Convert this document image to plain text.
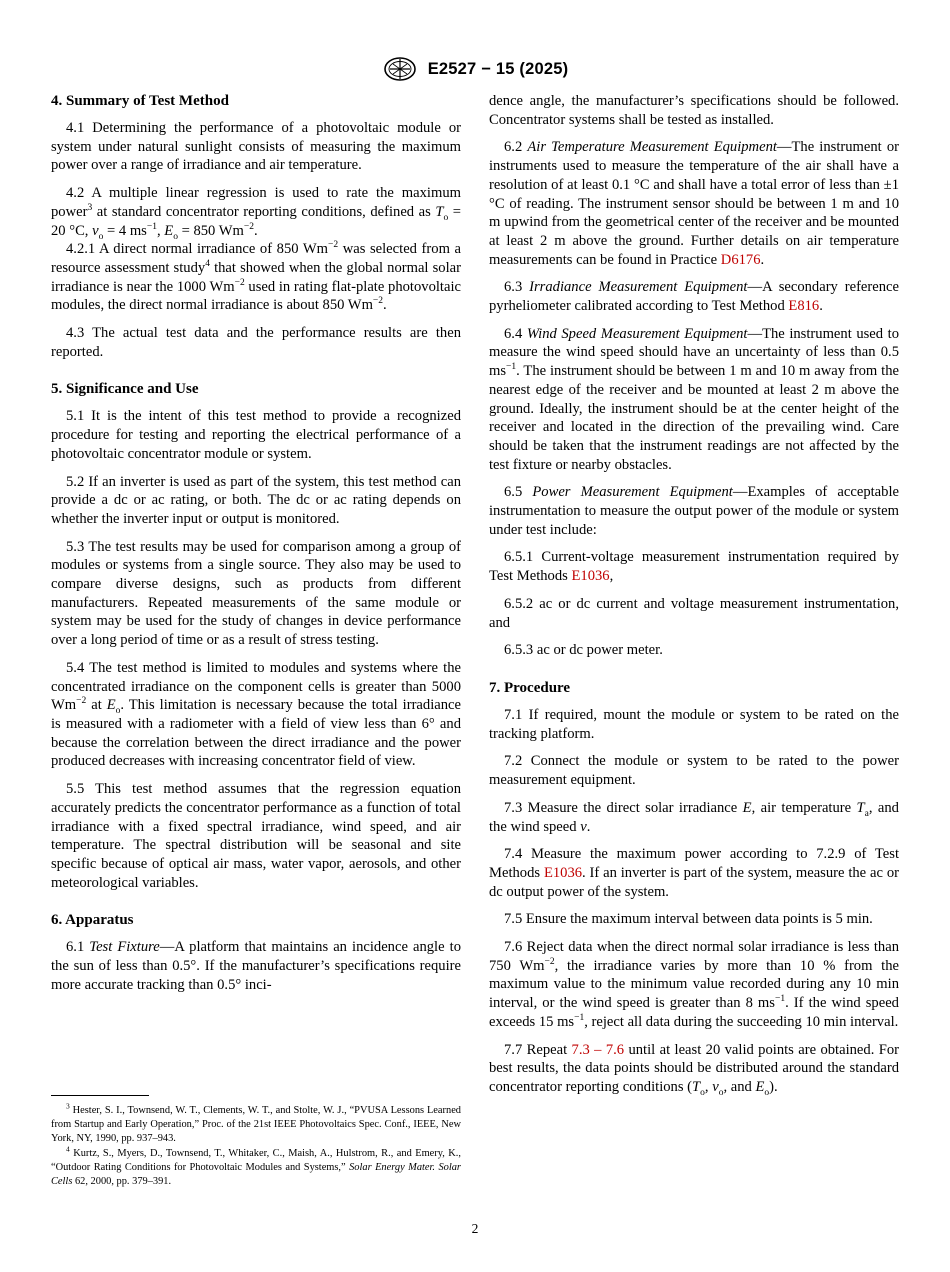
E2527 − 15 (2025)
4. Summary of Test Method
4.1 Determining the performance of a photovoltaic module or system under natural sunlight consists of measuring the maximum power over a range of irradiance and air temperature.
4.2 A multiple linear regression is used to rate the maximum power$^3$ at standard concentrator reporting conditions, defined as $T_o = 20$ °C, $v_o = 4$ $ms^{-1}$, $E_o = 850$ $Wm^{-2}$.
4.2.1 A direct normal irradiance of 850 $Wm^{-2}$ was selected from a resource assessment study$^4$ that showed when the global normal solar irradiance is near the 1000 $Wm^{-2}$ used in rating flat-plate photovoltaic modules, the direct normal irradiance is about 850 $Wm^{-2}$.
4.3 The actual test data and the performance results are then reported.
5. Significance and Use
5.1 It is the intent of this test method to provide a recognized procedure for testing and reporting the electrical performance of a photovoltaic concentrator module or system.
5.2 If an inverter is used as part of the system, this test method can provide a dc or ac rating, or both. The dc or ac rating depends on whether the inverter input or output is monitored.
5.3 The test results may be used for comparison among a group of modules or systems from a single source. They also may be used to compare diverse designs, such as products from different manufacturers. Repeated measurements of the same module or system may be used for the study of changes in device performance over a long period of time or as a result of stress testing.
5.4 The test method is limited to modules and systems where the concentrated irradiance on the component cells is greater than 5000 $Wm^{-2}$ at $E_o$. This limitation is necessary because the total irradiance is measured with a radiometer with a field of view less than 6° and because the correlation between the direct irradiance and the power produced decreases with increasing concentrator field of view.
5.5 This test method assumes that the regression equation accurately predicts the concentrator performance as a function of total irradiance with a fixed spectral irradiance, wind speed, and air temperature. The spectral distribution will be seasonal and site specific because of optical air mass, water vapor, aerosols, and other meteorological variables.
6. Apparatus
6.1 Test Fixture—A platform that maintains an incidence angle to the sun of less than 0.5°. If the manufacturer’s specifications require more accurate tracking than 0.5° inci-
dence angle, the manufacturer’s specifications should be followed. Concentrator systems shall be tested as installed.
6.2 Air Temperature Measurement Equipment—The instrument or instruments used to measure the temperature of the air shall have a resolution of at least 0.1 °C and shall have a total error of less than ±1 °C of reading. The instrument sensor should be between 1 m and 10 m upwind from the geometrical center of the receiver and be mounted at least 2 m above the ground. Further details on air temperature measurements can be found in Practice D6176.
6.3 Irradiance Measurement Equipment—A secondary reference pyrheliometer calibrated according to Test Method E816.
6.4 Wind Speed Measurement Equipment—The instrument used to measure the wind speed should have an uncertainty of less than 0.5 $ms^{-1}$. The instrument should be between 1 m and 10 m away from the nearest edge of the receiver and be mounted at least 2 m above the ground. Ideally, the instrument should be at the center height of the receiver and located in the direction of the prevailing wind. Care should be taken that the instrument readings are not affected by the test fixture or nearby obstacles.
6.5 Power Measurement Equipment—Examples of acceptable instrumentation to measure the output power of the module or system under test include:
6.5.1 Current-voltage measurement instrumentation required by Test Methods E1036,
6.5.2 ac or dc current and voltage measurement instrumentation, and
6.5.3 ac or dc power meter.
7. Procedure
7.1 If required, mount the module or system to be rated on the tracking platform.
7.2 Connect the module or system to be rated to the power measurement equipment.
7.3 Measure the direct solar irradiance E, air temperature $T_a$, and the wind speed v.
7.4 Measure the maximum power according to 7.2.9 of Test Methods E1036. If an inverter is part of the system, measure the ac or dc output power of the system.
7.5 Ensure the maximum interval between data points is 5 min.
7.6 Reject data when the direct normal solar irradiance is less than 750 $Wm^{-2}$, the irradiance varies by more than 10 % from the maximum value to the minimum value recorded during any 10 min interval, or the wind speed is greater than 8 $ms^{-1}$. If the wind speed exceeds 15 $ms^{-1}$, reject all data during the succeeding 10 min interval.
7.7 Repeat 7.3 – 7.6 until at least 20 valid points are obtained. For best results, the data points should be distributed around the standard concentrator reporting conditions ($T_o$, $v_o$, and $E_o$).
$^3$ Hester, S. I., Townsend, W. T., Clements, W. T., and Stolte, W. J., “PVUSA Lessons Learned from Startup and Early Operation,” Proc. of the 21st IEEE Photovoltaics Spec. Conf., IEEE, New York, NY, 1990, pp. 937–943.
$^4$ Kurtz, S., Myers, D., Townsend, T., Whitaker, C., Maish, A., Hulstrom, R., and Emery, K., “Outdoor Rating Conditions for Photovoltaic Modules and Systems,” Solar Energy Mater. Solar Cells 62, 2000, pp. 379–391.
2
